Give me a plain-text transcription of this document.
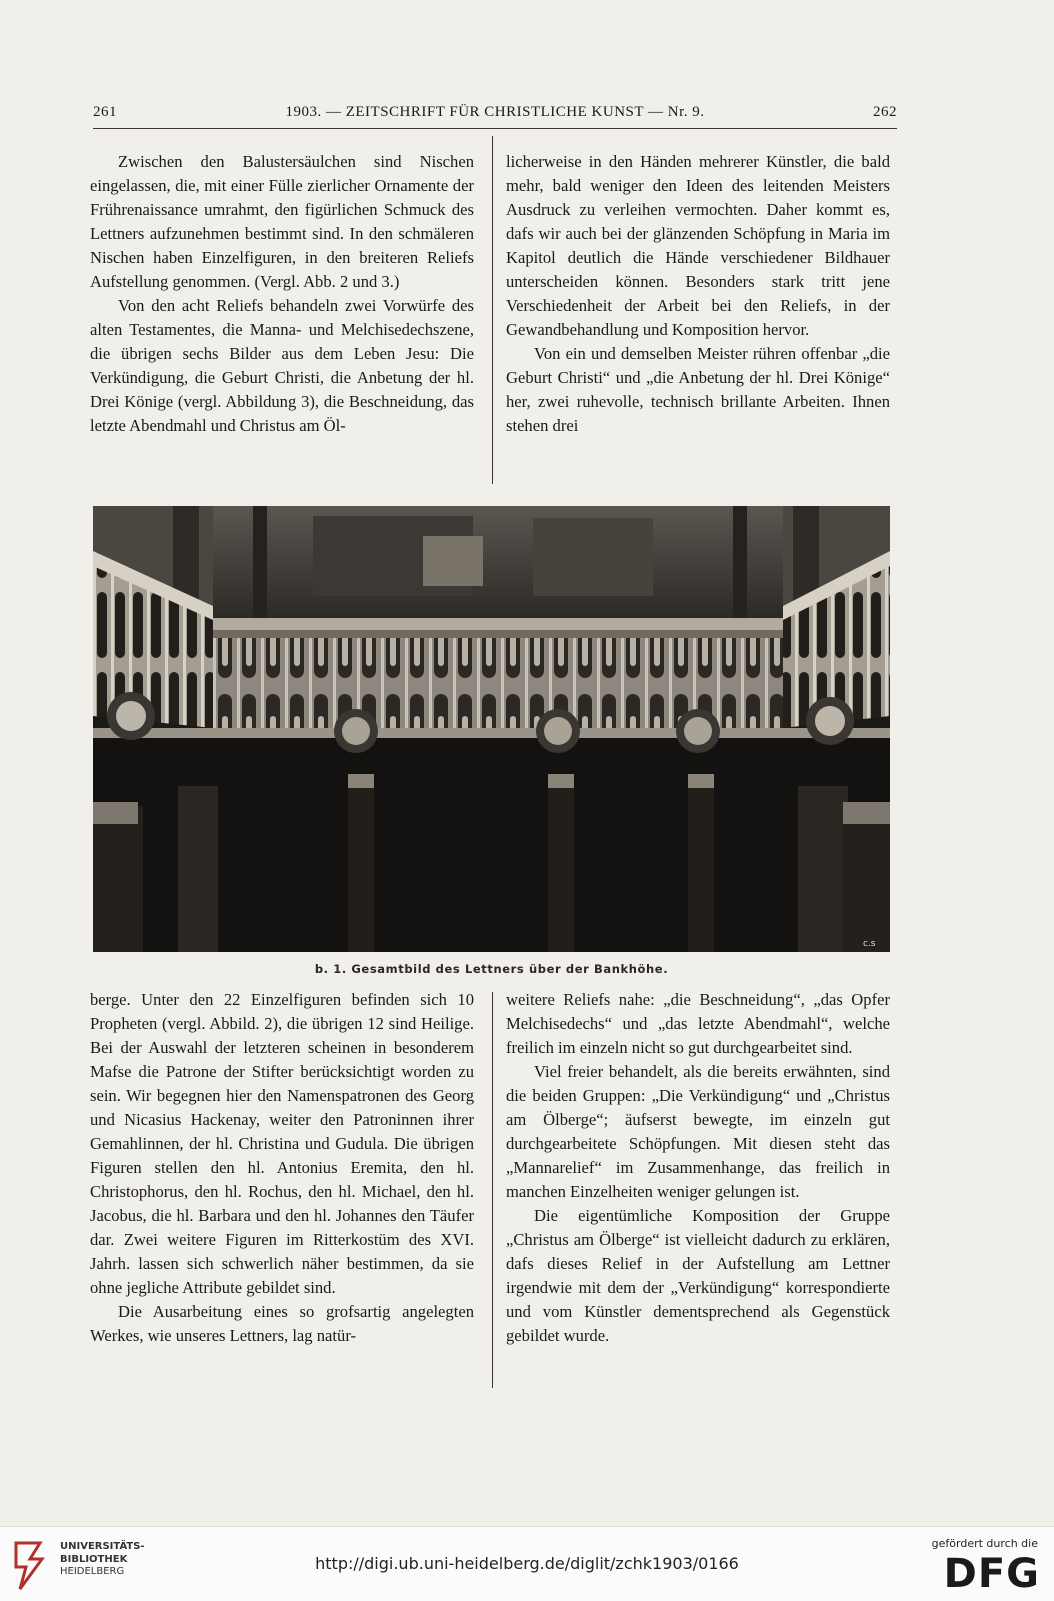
261	1903. — ZEITSCHRIFT FÜR CHRISTLICHE KUNST — Nr. 9.	262

Zwischen den Balustersäulchen sind Nischen eingelassen, die, mit einer Fülle zierlicher Ornamente der Frührenaissance umrahmt, den figürlichen Schmuck des Lettners aufzunehmen bestimmt sind. In den schmäleren Nischen haben Einzelfiguren, in den breiteren Reliefs Aufstellung genommen. (Vergl. Abb. 2 und 3.)

Von den acht Reliefs behandeln zwei Vorwürfe des alten Testamentes, die Manna- und Melchisedechszene, die übrigen sechs Bilder aus dem Leben Jesu: Die Verkündigung, die Geburt Christi, die Anbetung der hl. Drei Könige (vergl. Abbildung 3), die Beschneidung, das letzte Abendmahl und Christus am Öl-

licherweise in den Händen mehrerer Künstler, die bald mehr, bald weniger den Ideen des leitenden Meisters Ausdruck zu verleihen vermochten. Daher kommt es, dafs wir auch bei der glänzenden Schöpfung in Maria im Kapitol deutlich die Hände verschiedener Bildhauer unterscheiden können. Besonders stark tritt jene Verschiedenheit der Arbeit bei den Reliefs, in der Gewandbehandlung und Komposition hervor.

Von ein und demselben Meister rühren offenbar „die Geburt Christi“ und „die Anbetung der hl. Drei Könige“ her, zwei ruhevolle, technisch brillante Arbeiten. Ihnen stehen drei

c.s
b. 1. Gesamtbild des Lettners über der Bankhöhe.

berge. Unter den 22 Einzelfiguren befinden sich 10 Propheten (vergl. Abbild. 2), die übrigen 12 sind Heilige. Bei der Auswahl der letzteren scheinen in besonderem Mafse die Patrone der Stifter berücksichtigt worden zu sein. Wir begegnen hier den Namenspatronen des Georg und Nicasius Hackenay, weiter den Patroninnen ihrer Gemahlinnen, der hl. Christina und Gudula. Die übrigen Figuren stellen den hl. Antonius Eremita, den hl. Christophorus, den hl. Rochus, den hl. Michael, den hl. Jacobus, die hl. Barbara und den hl. Johannes den Täufer dar. Zwei weitere Figuren im Ritterkostüm des XVI. Jahrh. lassen sich schwerlich näher bestimmen, da sie ohne jegliche Attribute gebildet sind.

Die Ausarbeitung eines so grofsartig angelegten Werkes, wie unseres Lettners, lag natür-

weitere Reliefs nahe: „die Beschneidung“, „das Opfer Melchisedechs“ und „das letzte Abendmahl“, welche freilich im einzeln nicht so gut durchgearbeitet sind.

Viel freier behandelt, als die bereits erwähnten, sind die beiden Gruppen: „Die Verkündigung“ und „Christus am Ölberge“; äufserst bewegte, im einzeln gut durchgearbeitete Schöpfungen. Mit diesen steht das „Mannarelief“ im Zusammenhange, das freilich in manchen Einzelheiten weniger gelungen ist.

Die eigentümliche Komposition der Gruppe „Christus am Ölberge“ ist vielleicht dadurch zu erklären, dafs dieses Relief in der Aufstellung am Lettner irgendwie mit dem der „Verkündigung“ korrespondierte und vom Künstler dementsprechend als Gegenstück gebildet wurde.

UNIVERSITÄTS-
BIBLIOTHEK
HEIDELBERG	http://digi.ub.uni-heidelberg.de/diglit/zchk1903/0166
gefördert durch die
DFG
